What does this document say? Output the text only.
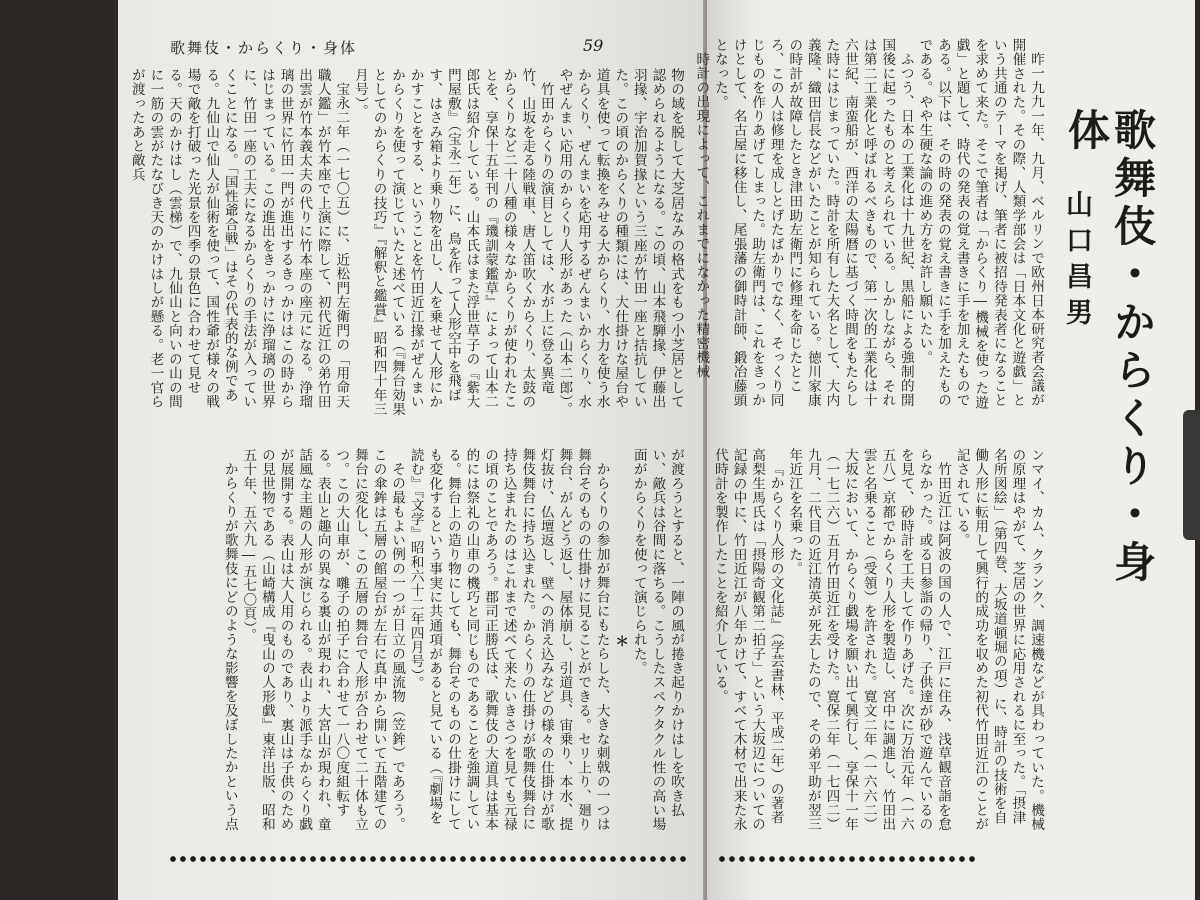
歌舞伎・からくり・身体	59

物の域を脱して大芝居なみの格式をもつ小芝居として認められるようになる。この頃、山本飛騨掾、伊藤出羽掾、宇治加賀掾という三座が竹田一座と拮抗していた。この頃のからくりの種類には、大仕掛けな屋台や道具を使って転換をみせる大からくり、水力を使う水からくり、ぜんまいを応用するぜんまいからくり、水やぜんまい応用のからくり人形があった（山本二郎）。

竹田からくりの演目としては、水が上に登る異竜竹、山坂を走る陸戦車、唐人笛吹くからくり、太鼓のからくりなど二十八種の様々なからくりが使われたことを、享保十五年刊の『璣訓蒙鑑草』によって山本二郎氏は紹介している。山本氏はまた浮世草子の『紫大門屋敷』（宝永二年）に、鳥を作って人形空中を飛ばす、はさみ箱より乗り物を出し、人を乗せて人形にかかすことをする、ということを竹田近江掾がぜんまいからくりを使って演じていたと述べている（『舞台効果としてのからくりの技巧』『解釈と鑑賞』昭和四十年三月号）。

宝永二年（一七〇五）に、近松門左衛門の「用命天職人鑑」が竹本座で上演に際して、初代近江の弟竹田出雲が竹本義太夫の代りに竹本座の座元になる。浄瑠璃の世界に竹田一門が進出するきっかけはこの時からはじまっている。この進出をきっかけに浄瑠璃の世界に、竹田一座の工夫になるからくりの手法が入っていくことになる。「国性爺合戦」はその代表的な例である。九仙山で仙人が仙術を使って、国性爺が様々の戦場で敵を打破った光景を四季の景色に合わせて見せる。天のかけはし（雲梯）で、九仙山と向いの山の間に一筋の雲がたなびき天のかけはしが懸る。老一官らが渡ったあと敵兵

が渡ろうとすると、一陣の風が捲き起りかけはしを吹き払い、敵兵は谷間に落ちる。こうしたスペクタクル性の高い場面がからくりを使って演じられた。

＊

からくりの参加が舞台にもたらした、大きな刺戟の一つは舞台そのものの仕掛けに見ることができる。セリ上り、廻り舞台、がんどう返し、屋体崩し、引道具、宙乗り、本水、提灯抜け、仏壇返し、壁への消え込みなどの様々の仕掛けが歌舞伎舞台に持ち込まれた。からくりの仕掛けが歌舞伎舞台に持ち込まれたのはこれまで述べて来たいきさつを見ても元禄の頃のことであろう。郡司正勝氏は、歌舞伎の大道具は基本的には祭礼の山車の機巧と同じものであることを強調している。舞台上の造り物にしても、舞台そのものの仕掛けにしても変化するという事実に共通項があると見ている（『劇場を読む』『文学』昭和六十二年四月号）。

その最もよい例の一つが日立の風流物（笠鉾）であろう。この傘鉾は五層の館屋台が左右に真中から開いて五階建ての舞台に変化し、この五層の舞台で人形が合わせて二十体も立つ。この大山車が、囃子の拍子に合わせて一八〇度組転する。表山と趣向の異なる裏山が現われ、大宮山が現われ、童話風な主題の人形が演じられる。表山より派手なからくり戯が展開する。表山は大人用のものであり、裏山は子供のための見世物である（山崎構成『曳山の人形戯』東洋出版、昭和五十年、五六九―五七〇頁）。

からくりが歌舞伎にどのような影響を及ぼしたかという点

歌舞伎・からくり・身体
山口昌男

昨一九九一年、九月、ベルリンで欧州日本研究者会議が開催された。その際、人類学部会は「日本文化と遊戯」という共通のテーマを掲げ、筆者に被招待発表者になることを求めて来た。そこで筆者は「からくり―機械を使った遊戯」と題して、時代の発表の覚え書きに手を加えたものである。以下は、その時の発表の覚え書きに手を加えたものである。やや生硬な論の進め方をお許し願いたい。

ふつう、日本の工業化は十九世紀、黒船による強制的開国後に起ったものと考えられている。しかしながら、それは第二工業化と呼ばれるべきもので、第一次的工業化は十六世紀、南蛮船が、西洋の太陽暦に基づく時間をもたらした時にはじまっていた。時計を所有した大名として、大内義隆、織田信長などがいたことが知られている。徳川家康の時計が故障したとき津田助左衛門に修理を命じたところ、この人は修理を成しとげたばかりでなく、そっくり同じものを作りあげてしまった。助左衛門は、これをきっかけとして、名古屋に移住し、尾張藩の御時計師、鍛冶藤頭となった。

時計の出現によって、これまでになかった精密機械

ンマイ、カム、クランク、調速機などが具わっていた。機械の原理はやがて、芝居の世界に応用されるに至った。「摂津名所図絵」（第四巻、大坂道頓堀の項）に、時計の技術を自働人形に転用して興行的成功を収めた初代竹田近江のことが記されている。

竹田近江は阿波の国の人で、江戸に住み、浅草観音詣を怠らなかった。或る日参詣の帰り、子供達が砂で遊んでいるのを見て、砂時計を工夫して作りあげた。次に万治元年（一六五八）京都でからくり人形を製造し、宮中に調進し、竹田出雲と名乗ること（受領）を許された。寛文二年（一六六二）大坂において、からくり戯場を願い出て興行し、享保十一年（一七二六）五月竹田近江を受けた。寛保二年（一七四二）九月、二代目の近江清英が死去したので、その弟平助が翌三年近江を名乗った。

『からくり人形の文化誌』（学芸書林、平成二年）の著者高梨生馬氏は「摂陽奇観第二拍子」という大坂辺についての記録の中に、竹田近江が八年かけて、すべて木材で出来た永代時計を製作したことを紹介している。
